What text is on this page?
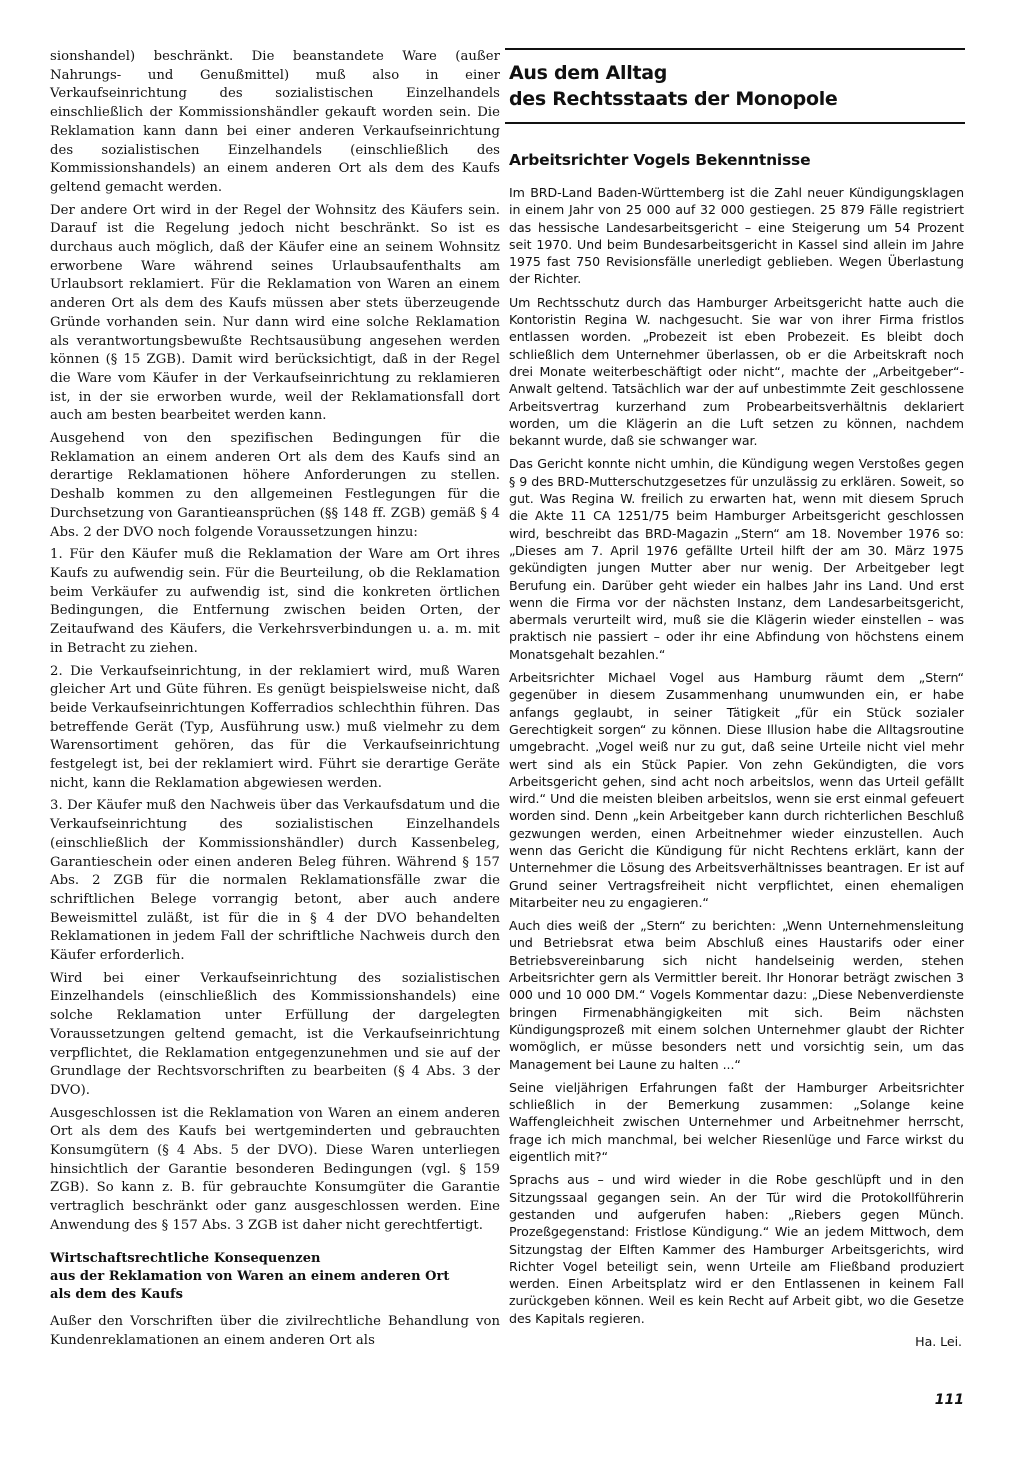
sionshandel) beschränkt. Die beanstandete Ware (außer Nahrungs- und Genußmittel) muß also in einer Verkaufseinrichtung des sozialistischen Einzelhandels einschließlich der Kommissionshändler gekauft worden sein. Die Reklamation kann dann bei einer anderen Verkaufseinrichtung des sozialistischen Einzelhandels (einschließlich des Kommissionshandels) an einem anderen Ort als dem des Kaufs geltend gemacht werden.

Der andere Ort wird in der Regel der Wohnsitz des Käufers sein. Darauf ist die Regelung jedoch nicht beschränkt. So ist es durchaus auch möglich, daß der Käufer eine an seinem Wohnsitz erworbene Ware während seines Urlaubsaufenthalts am Urlaubsort reklamiert. Für die Reklamation von Waren an einem anderen Ort als dem des Kaufs müssen aber stets überzeugende Gründe vorhanden sein. Nur dann wird eine solche Reklamation als verantwortungsbewußte Rechtsausübung angesehen werden können (§ 15 ZGB). Damit wird berücksichtigt, daß in der Regel die Ware vom Käufer in der Verkaufseinrichtung zu reklamieren ist, in der sie erworben wurde, weil der Reklamationsfall dort auch am besten bearbeitet werden kann.

Ausgehend von den spezifischen Bedingungen für die Reklamation an einem anderen Ort als dem des Kaufs sind an derartige Reklamationen höhere Anforderungen zu stellen. Deshalb kommen zu den allgemeinen Festlegungen für die Durchsetzung von Garantieansprüchen (§§ 148 ff. ZGB) gemäß § 4 Abs. 2 der DVO noch folgende Voraussetzungen hinzu:

1. Für den Käufer muß die Reklamation der Ware am Ort ihres Kaufs zu aufwendig sein. Für die Beurteilung, ob die Reklamation beim Verkäufer zu aufwendig ist, sind die konkreten örtlichen Bedingungen, die Entfernung zwischen beiden Orten, der Zeitaufwand des Käufers, die Verkehrsverbindungen u. a. m. mit in Betracht zu ziehen.

2. Die Verkaufseinrichtung, in der reklamiert wird, muß Waren gleicher Art und Güte führen. Es genügt beispielsweise nicht, daß beide Verkaufseinrichtungen Kofferradios schlechthin führen. Das betreffende Gerät (Typ, Ausführung usw.) muß vielmehr zu dem Warensortiment gehören, das für die Verkaufseinrichtung festgelegt ist, bei der reklamiert wird. Führt sie derartige Geräte nicht, kann die Reklamation abgewiesen werden.

3. Der Käufer muß den Nachweis über das Verkaufsdatum und die Verkaufseinrichtung des sozialistischen Einzelhandels (einschließlich der Kommissionshändler) durch Kassenbeleg, Garantieschein oder einen anderen Beleg führen. Während § 157 Abs. 2 ZGB für die normalen Reklamationsfälle zwar die schriftlichen Belege vorrangig betont, aber auch andere Beweismittel zuläßt, ist für die in § 4 der DVO behandelten Reklamationen in jedem Fall der schriftliche Nachweis durch den Käufer erforderlich.

Wird bei einer Verkaufseinrichtung des sozialistischen Einzelhandels (einschließlich des Kommissionshandels) eine solche Reklamation unter Erfüllung der dargelegten Voraussetzungen geltend gemacht, ist die Verkaufseinrichtung verpflichtet, die Reklamation entgegenzunehmen und sie auf der Grundlage der Rechtsvorschriften zu bearbeiten (§ 4 Abs. 3 der DVO).

Ausgeschlossen ist die Reklamation von Waren an einem anderen Ort als dem des Kaufs bei wertgeminderten und gebrauchten Konsumgütern (§ 4 Abs. 5 der DVO). Diese Waren unterliegen hinsichtlich der Garantie besonderen Bedingungen (vgl. § 159 ZGB). So kann z. B. für gebrauchte Konsumgüter die Garantie vertraglich beschränkt oder ganz ausgeschlossen werden. Eine Anwendung des § 157 Abs. 3 ZGB ist daher nicht gerechtfertigt.

Wirtschaftsrechtliche Konsequenzen
aus der Reklamation von Waren an einem anderen Ort
als dem des Kaufs

Außer den Vorschriften über die zivilrechtliche Behandlung von Kundenreklamationen an einem anderen Ort als

Aus dem Alltag
des Rechtsstaats der Monopole
Arbeitsrichter Vogels Bekenntnisse

Im BRD-Land Baden-Württemberg ist die Zahl neuer Kündigungsklagen in einem Jahr von 25 000 auf 32 000 gestiegen. 25 879 Fälle registriert das hessische Landesarbeitsgericht – eine Steigerung um 54 Prozent seit 1970. Und beim Bundesarbeitsgericht in Kassel sind allein im Jahre 1975 fast 750 Revisionsfälle unerledigt geblieben. Wegen Überlastung der Richter.

Um Rechtsschutz durch das Hamburger Arbeitsgericht hatte auch die Kontoristin Regina W. nachgesucht. Sie war von ihrer Firma fristlos entlassen worden. „Probezeit ist eben Probezeit. Es bleibt doch schließlich dem Unternehmer überlassen, ob er die Arbeitskraft noch drei Monate weiterbeschäftigt oder nicht“, machte der „Arbeitgeber“-Anwalt geltend. Tatsächlich war der auf unbestimmte Zeit geschlossene Arbeitsvertrag kurzerhand zum Probearbeitsverhältnis deklariert worden, um die Klägerin an die Luft setzen zu können, nachdem bekannt wurde, daß sie schwanger war.

Das Gericht konnte nicht umhin, die Kündigung wegen Verstoßes gegen § 9 des BRD-Mutterschutzgesetzes für unzulässig zu erklären. Soweit, so gut. Was Regina W. freilich zu erwarten hat, wenn mit diesem Spruch die Akte 11 CA 1251/75 beim Hamburger Arbeitsgericht geschlossen wird, beschreibt das BRD-Magazin „Stern“ am 18. November 1976 so: „Dieses am 7. April 1976 gefällte Urteil hilft der am 30. März 1975 gekündigten jungen Mutter aber nur wenig. Der Arbeitgeber legt Berufung ein. Darüber geht wieder ein halbes Jahr ins Land. Und erst wenn die Firma vor der nächsten Instanz, dem Landesarbeitsgericht, abermals verurteilt wird, muß sie die Klägerin wieder einstellen – was praktisch nie passiert – oder ihr eine Abfindung von höchstens einem Monatsgehalt bezahlen.“

Arbeitsrichter Michael Vogel aus Hamburg räumt dem „Stern“ gegenüber in diesem Zusammenhang unumwunden ein, er habe anfangs geglaubt, in seiner Tätigkeit „für ein Stück sozialer Gerechtigkeit sorgen“ zu können. Diese Illusion habe die Alltagsroutine umgebracht. „Vogel weiß nur zu gut, daß seine Urteile nicht viel mehr wert sind als ein Stück Papier. Von zehn Gekündigten, die vors Arbeitsgericht gehen, sind acht noch arbeitslos, wenn das Urteil gefällt wird.“ Und die meisten bleiben arbeitslos, wenn sie erst einmal gefeuert worden sind. Denn „kein Arbeitgeber kann durch richterlichen Beschluß gezwungen werden, einen Arbeitnehmer wieder einzustellen. Auch wenn das Gericht die Kündigung für nicht Rechtens erklärt, kann der Unternehmer die Lösung des Arbeitsverhältnisses beantragen. Er ist auf Grund seiner Vertragsfreiheit nicht verpflichtet, einen ehemaligen Mitarbeiter neu zu engagieren.“

Auch dies weiß der „Stern“ zu berichten: „Wenn Unternehmensleitung und Betriebsrat etwa beim Abschluß eines Haustarifs oder einer Betriebsvereinbarung sich nicht handelseinig werden, stehen Arbeitsrichter gern als Vermittler bereit. Ihr Honorar beträgt zwischen 3 000 und 10 000 DM.“ Vogels Kommentar dazu: „Diese Nebenverdienste bringen Firmenabhängigkeiten mit sich. Beim nächsten Kündigungsprozeß mit einem solchen Unternehmer glaubt der Richter womöglich, er müsse besonders nett und vorsichtig sein, um das Management bei Laune zu halten ...“

Seine vieljährigen Erfahrungen faßt der Hamburger Arbeitsrichter schließlich in der Bemerkung zusammen: „Solange keine Waffengleichheit zwischen Unternehmer und Arbeitnehmer herrscht, frage ich mich manchmal, bei welcher Riesenlüge und Farce wirkst du eigentlich mit?“

Sprachs aus – und wird wieder in die Robe geschlüpft und in den Sitzungssaal gegangen sein. An der Tür wird die Protokollführerin gestanden und aufgerufen haben: „Riebers gegen Münch. Prozeßgegenstand: Fristlose Kündigung.“ Wie an jedem Mittwoch, dem Sitzungstag der Elften Kammer des Hamburger Arbeitsgerichts, wird Richter Vogel beteiligt sein, wenn Urteile am Fließband produziert werden. Einen Arbeitsplatz wird er den Entlassenen in keinem Fall zurückgeben können. Weil es kein Recht auf Arbeit gibt, wo die Gesetze des Kapitals regieren.

Ha. Lei.
111
